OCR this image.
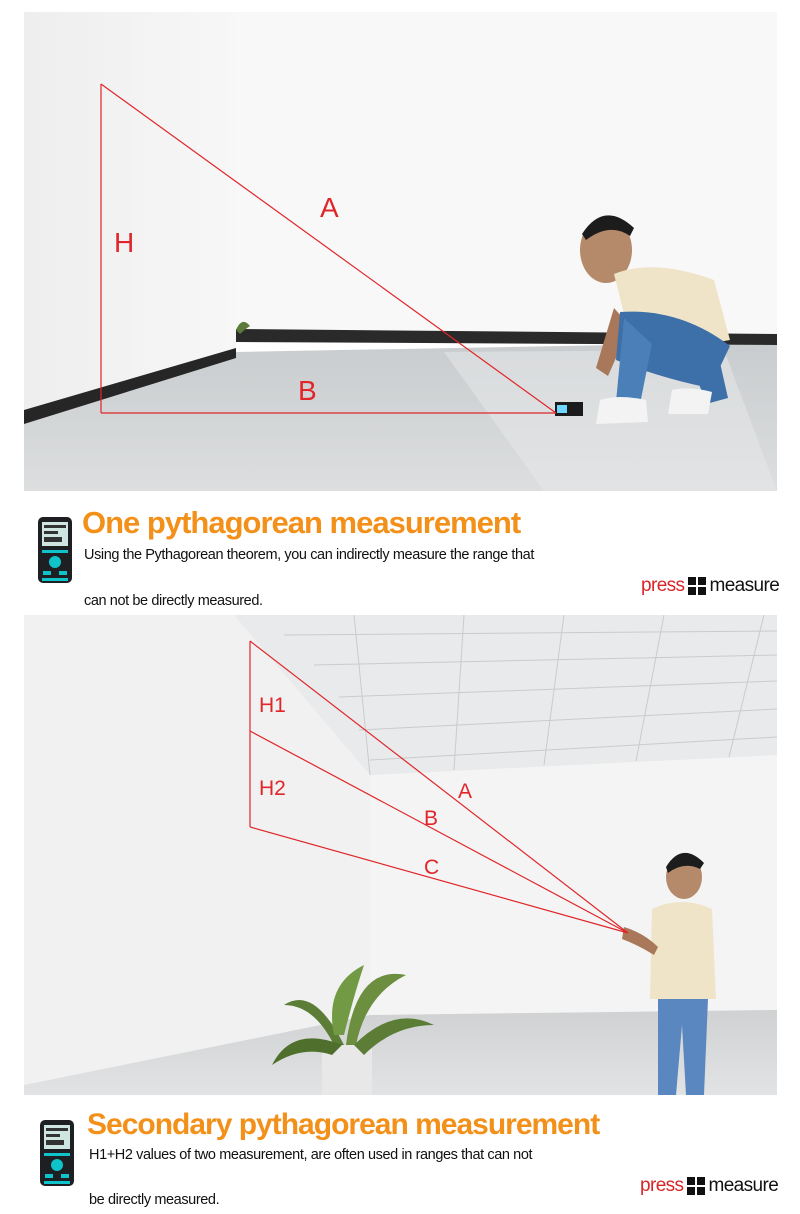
H
A
B
One pythagorean measurement

Using the Pythagorean theorem, you can indirectly measure the range that

can not be directly measured.

press measure
H1
H2	A
B
C
Secondary pythagorean measurement

H1+H2 values of two measurement, are often used in ranges that can not

be directly measured.

press measure
